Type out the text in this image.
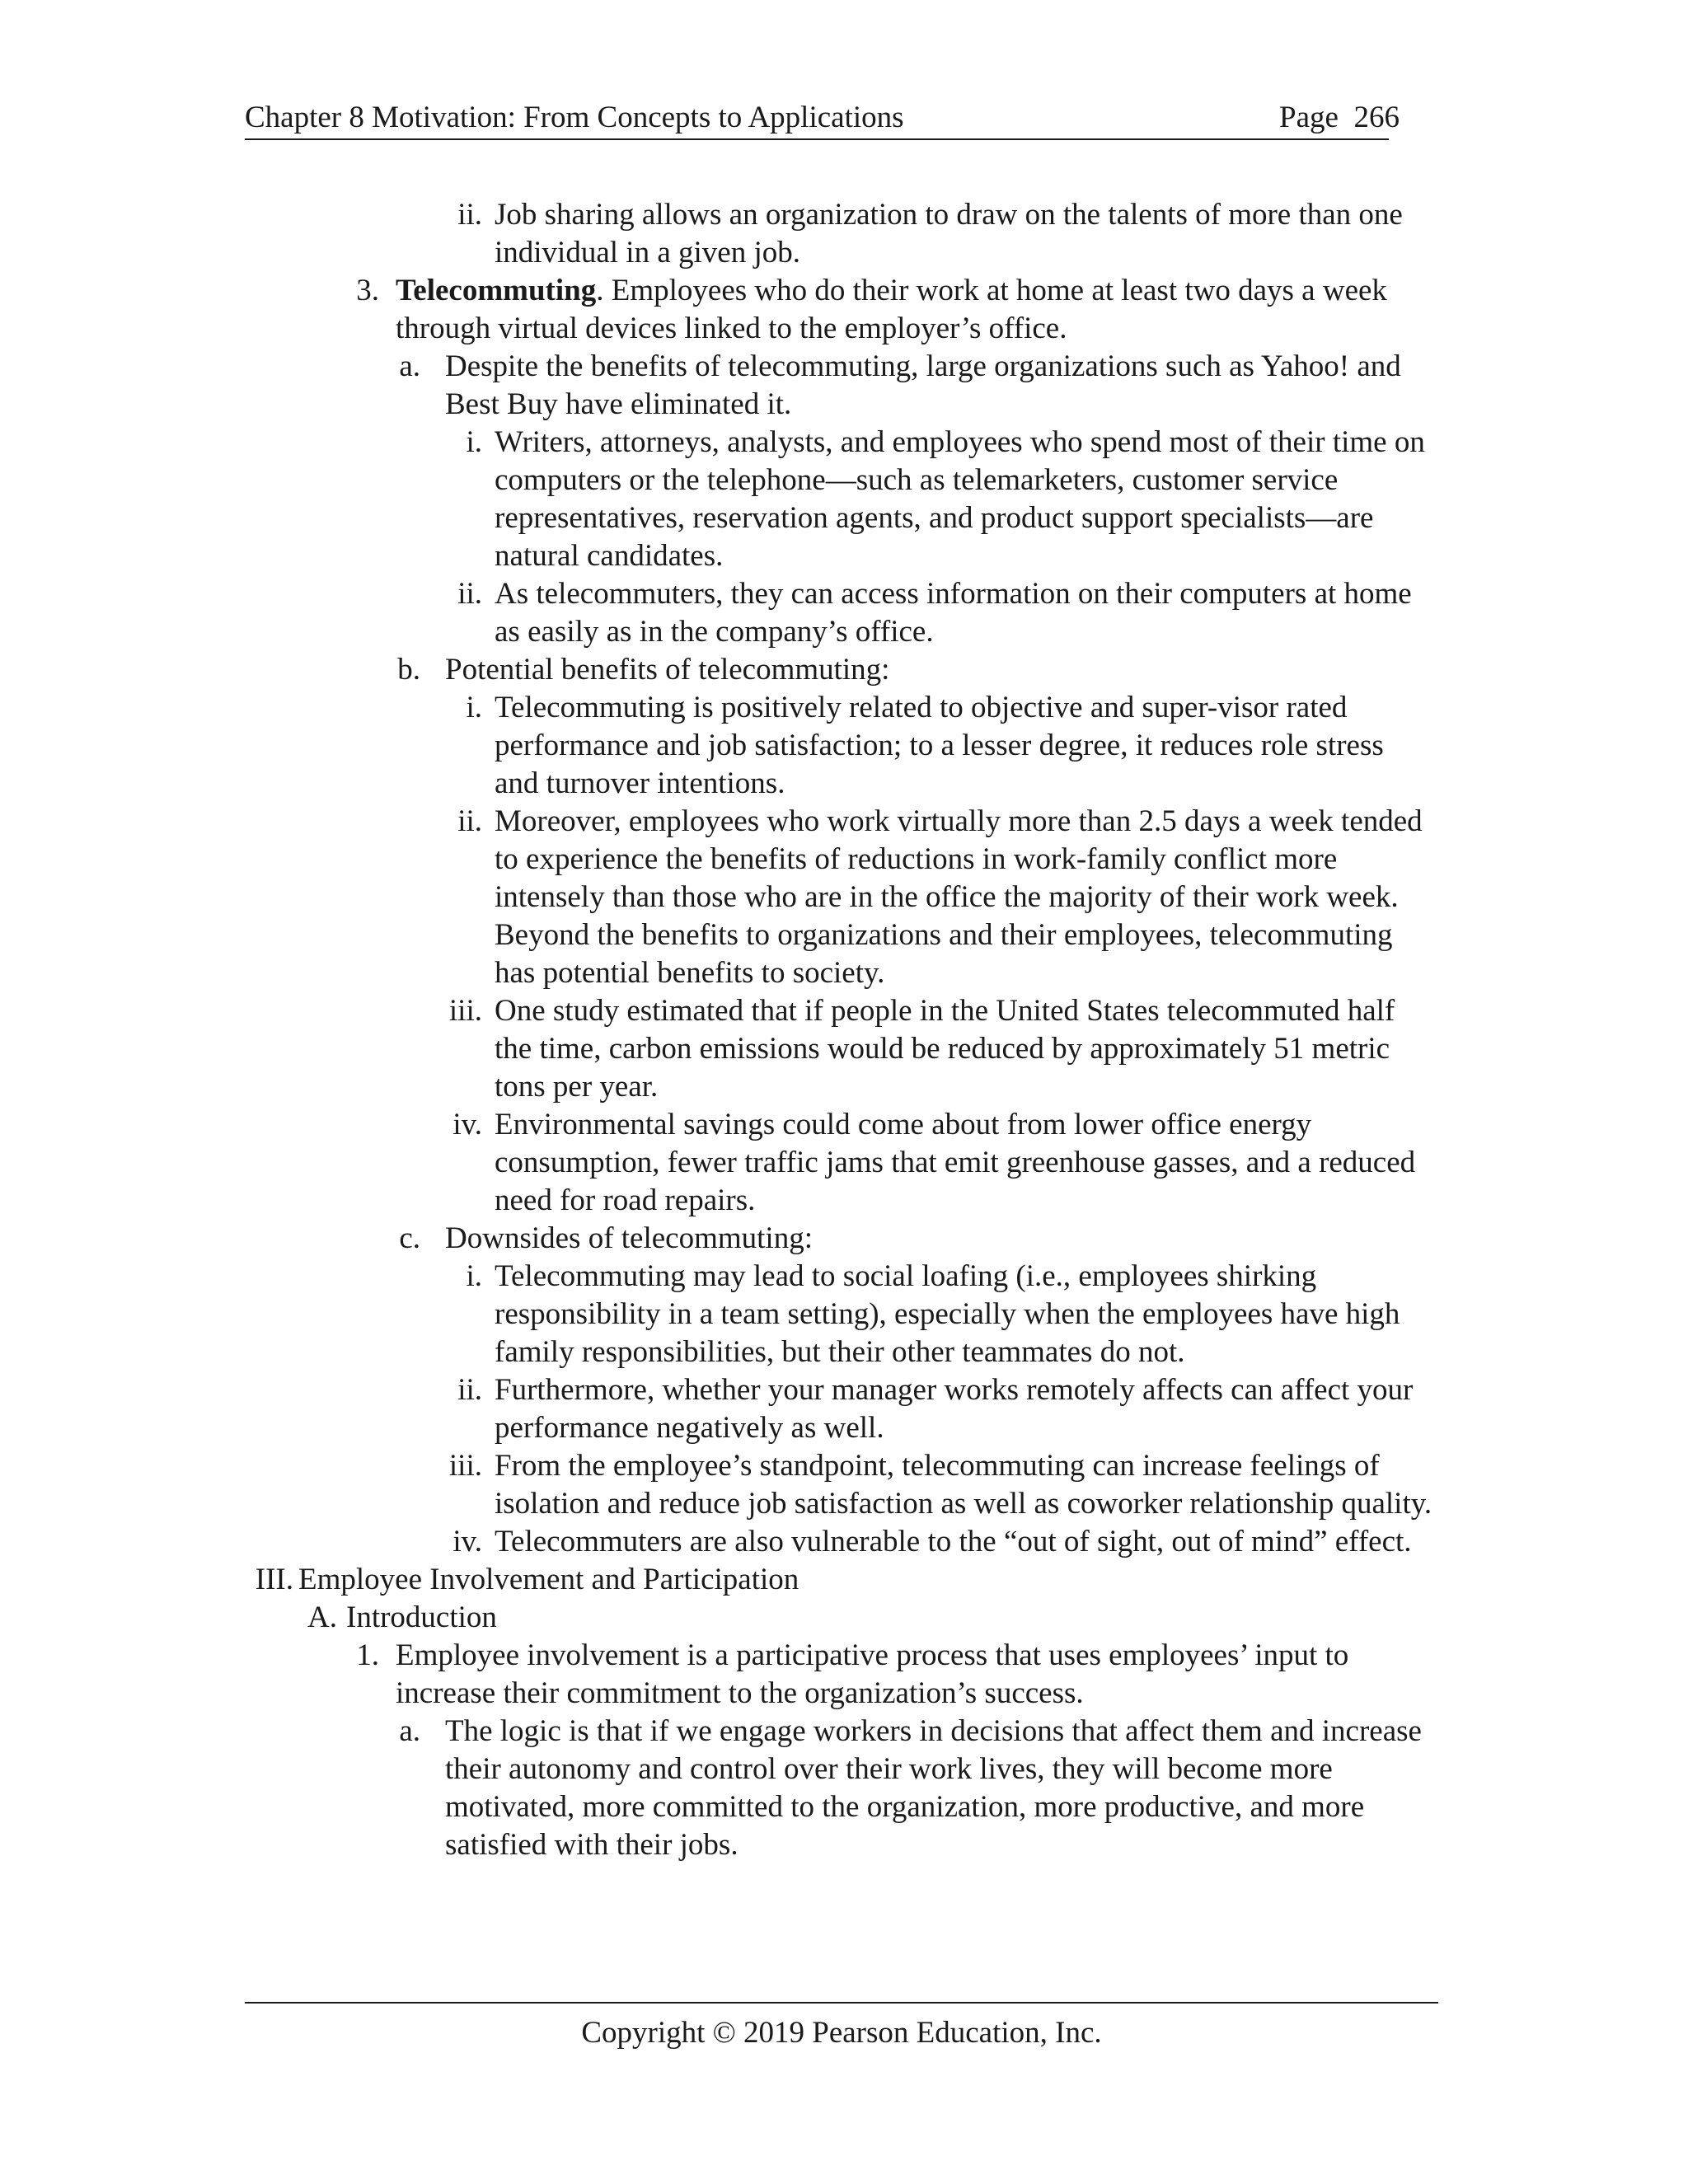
Chapter 8 Motivation: From Concepts to Applications	Page 266
ii. Job sharing allows an organization to draw on the talents of more than one individual in a given job.
3. Telecommuting. Employees who do their work at home at least two days a week through virtual devices linked to the employer’s office.
a. Despite the benefits of telecommuting, large organizations such as Yahoo! and Best Buy have eliminated it.
i. Writers, attorneys, analysts, and employees who spend most of their time on computers or the telephone—such as telemarketers, customer service representatives, reservation agents, and product support specialists—are natural candidates.
ii. As telecommuters, they can access information on their computers at home as easily as in the company’s office.
b. Potential benefits of telecommuting:
i. Telecommuting is positively related to objective and super-visor rated performance and job satisfaction; to a lesser degree, it reduces role stress and turnover intentions.
ii. Moreover, employees who work virtually more than 2.5 days a week tended to experience the benefits of reductions in work-family conflict more intensely than those who are in the office the majority of their work week. Beyond the benefits to organizations and their employees, telecommuting has potential benefits to society.
iii. One study estimated that if people in the United States telecommuted half the time, carbon emissions would be reduced by approximately 51 metric tons per year.
iv. Environmental savings could come about from lower office energy consumption, fewer traffic jams that emit greenhouse gasses, and a reduced need for road repairs.
c. Downsides of telecommuting:
i. Telecommuting may lead to social loafing (i.e., employees shirking responsibility in a team setting), especially when the employees have high family responsibilities, but their other teammates do not.
ii. Furthermore, whether your manager works remotely affects can affect your performance negatively as well.
iii. From the employee’s standpoint, telecommuting can increase feelings of isolation and reduce job satisfaction as well as coworker relationship quality.
iv. Telecommuters are also vulnerable to the “out of sight, out of mind” effect.
III. Employee Involvement and Participation
A. Introduction
1. Employee involvement is a participative process that uses employees’ input to increase their commitment to the organization’s success.
a. The logic is that if we engage workers in decisions that affect them and increase their autonomy and control over their work lives, they will become more motivated, more committed to the organization, more productive, and more satisfied with their jobs.
Copyright © 2019 Pearson Education, Inc.
